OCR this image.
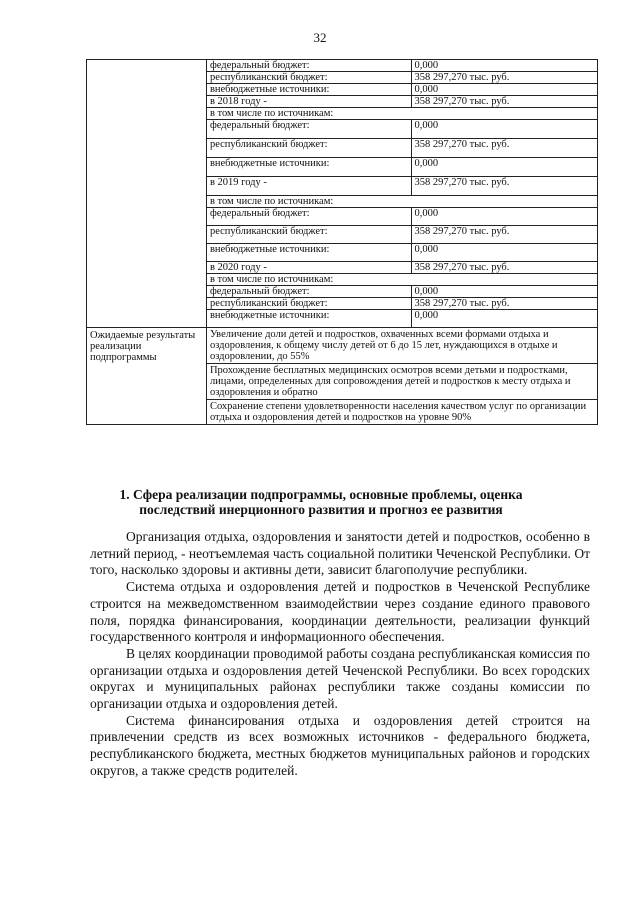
32
	федеральный бюджет:	0,000
	республиканский бюджет:	358 297,270 тыс. руб.
	внебюджетные источники:	0,000
	в 2018 году -	358 297,270 тыс. руб.
	в том числе по источникам:	
	федеральный бюджет:	0,000
	республиканский бюджет:	358 297,270 тыс. руб.
	внебюджетные источники:	0,000
	в 2019 году -	358 297,270 тыс. руб.
	в том числе по источникам:	
	федеральный бюджет:	0,000
	республиканский бюджет:	358 297,270 тыс. руб.
	внебюджетные источники:	0,000
	в 2020 году -	358 297,270 тыс. руб.
	в том числе по источникам:	
	федеральный бюджет:	0,000
	республиканский бюджет:	358 297,270 тыс. руб.
	внебюджетные источники:	0,000
Ожидаемые результаты реализации подпрограммы	Увеличение доли детей и подростков, охваченных всеми формами отдыха и оздоровления, к общему числу детей от 6 до 15 лет, нуждающихся в отдыхе и оздоровлении, до 55%	
	Прохождение бесплатных медицинских осмотров всеми детьми и подростками, лицами, определенных для сопровождения детей и подростков к месту отдыха и оздоровления и обратно	
	Сохранение степени удовлетворенности населения качеством услуг по организации отдыха и оздоровления детей и подростков на уровне 90%	
1. Сфера реализации подпрограммы, основные проблемы, оценка последствий инерционного развития и прогноз ее развития

Организация отдыха, оздоровления и занятости детей и подростков, особенно в летний период, - неотъемлемая часть социальной политики Чеченской Республики. От того, насколько здоровы и активны дети, зависит благополучие республики.

Система отдыха и оздоровления детей и подростков в Чеченской Республике строится на межведомственном взаимодействии через создание единого правового поля, порядка финансирования, координации деятельности, реализации функций государственного контроля и информационного обеспечения.

В целях координации проводимой работы создана республиканская комиссия по организации отдыха и оздоровления детей Чеченской Республики. Во всех городских округах и муниципальных районах республики также созданы комиссии по организации отдыха и оздоровления детей.

Система финансирования отдыха и оздоровления детей строится на привлечении средств из всех возможных источников - федерального бюджета, республиканского бюджета, местных бюджетов муниципальных районов и городских округов, а также средств родителей.
